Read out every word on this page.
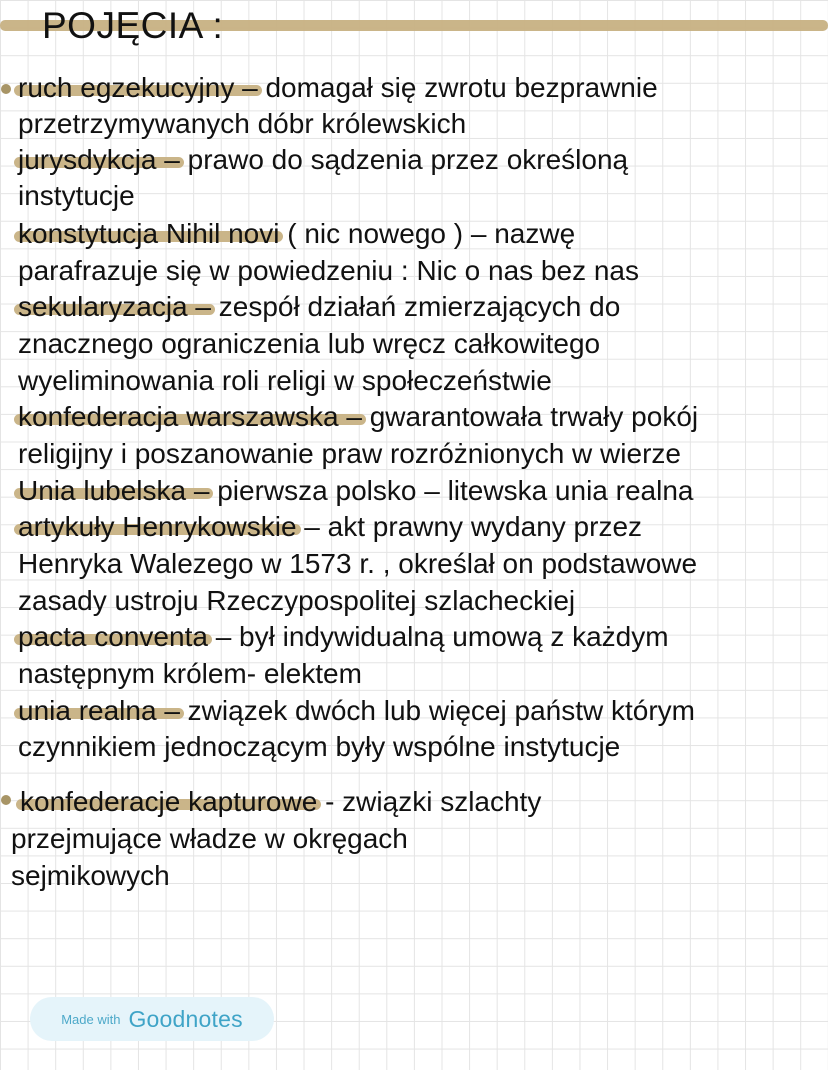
POJĘCIA :
ruch egzekucyjny – domagał się zwrotu bezprawnie
przetrzymywanych dóbr królewskich
jurysdykcja – prawo do sądzenia przez określoną
instytucje
konstytucja Nihil novi ( nic nowego ) – nazwę
parafrazuje się w powiedzeniu : Nic o nas bez nas
sekularyzacja – zespół działań zmierzających do
znacznego ograniczenia lub wręcz całkowitego
wyeliminowania roli religi w społeczeństwie
konfederacja warszawska – gwarantowała trwały pokój
religijny i poszanowanie praw rozróżnionych w wierze
Unia lubelska – pierwsza polsko – litewska unia realna
artykuły Henrykowskie – akt prawny wydany przez
Henryka Walezego w 1573 r. , określał on podstawowe
zasady ustroju Rzeczypospolitej szlacheckiej
pacta conventa – był indywidualną umową z każdym
następnym królem- elektem
unia realna – związek dwóch lub więcej państw którym
czynnikiem jednoczącym były wspólne instytucje
konfederacje kapturowe - związki szlachty
przejmujące władze w okręgach
sejmikowych
Made with Goodnotes
